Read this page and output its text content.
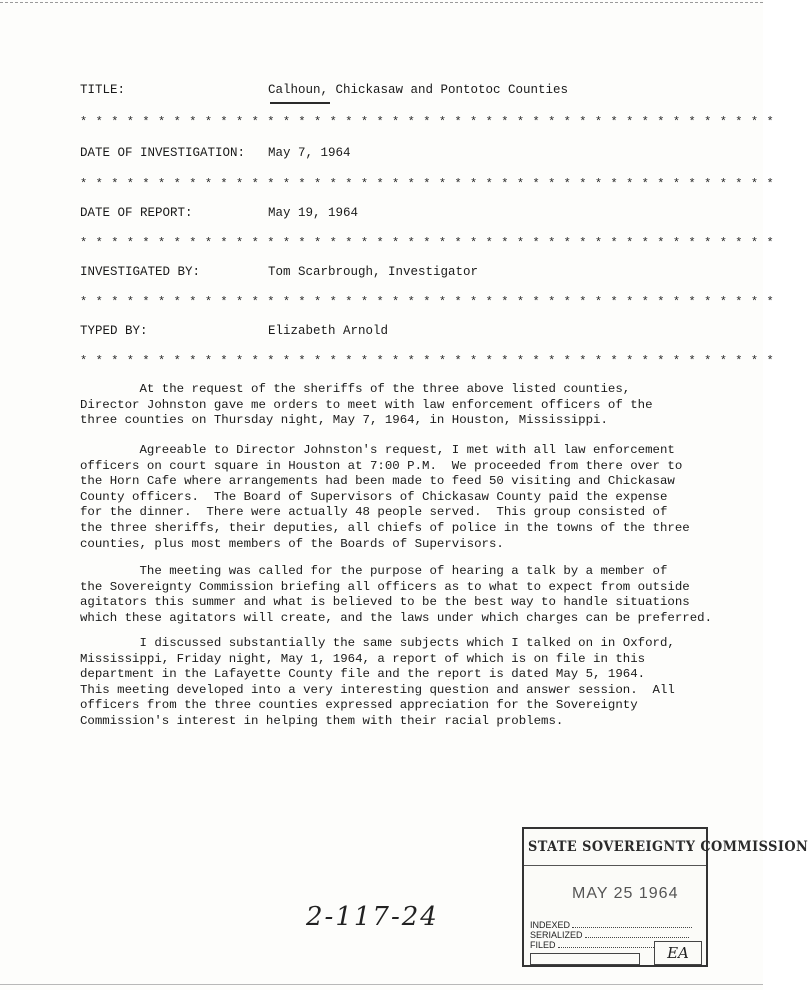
TITLE:

	Calhoun, Chickasaw and Pontotoc Counties

* * * * * * * * * * * * * * * * * * * * * * * * * * * * * * * * * * * * * * * * * * * * *

DATE OF INVESTIGATION:

May 7, 1964

* * * * * * * * * * * * * * * * * * * * * * * * * * * * * * * * * * * * * * * * * * * * *

DATE OF REPORT:

	May 19, 1964

* * * * * * * * * * * * * * * * * * * * * * * * * * * * * * * * * * * * * * * * * * * * *

INVESTIGATED BY:

	Tom Scarbrough, Investigator

* * * * * * * * * * * * * * * * * * * * * * * * * * * * * * * * * * * * * * * * * * * * *

TYPED BY:

	Elizabeth Arnold

* * * * * * * * * * * * * * * * * * * * * * * * * * * * * * * * * * * * * * * * * * * * *

At the request of the sheriffs of the three above listed counties,
Director Johnston gave me orders to meet with law enforcement officers of the
three counties on Thursday night, May 7, 1964, in Houston, Mississippi.

Agreeable to Director Johnston's request, I met with all law enforcement
officers on court square in Houston at 7:00 P.M.  We proceeded from there over to
the Horn Cafe where arrangements had been made to feed 50 visiting and Chickasaw
County officers.  The Board of Supervisors of Chickasaw County paid the expense
for the dinner.  There were actually 48 people served.  This group consisted of
the three sheriffs, their deputies, all chiefs of police in the towns of the three
counties, plus most members of the Boards of Supervisors.

The meeting was called for the purpose of hearing a talk by a member of
the Sovereignty Commission briefing all officers as to what to expect from outside
agitators this summer and what is believed to be the best way to handle situations
which these agitators will create, and the laws under which charges can be preferred.

I discussed substantially the same subjects which I talked on in Oxford,
Mississippi, Friday night, May 1, 1964, a report of which is on file in this
department in the Lafayette County file and the report is dated May 5, 1964.
This meeting developed into a very interesting question and answer session.  All
officers from the three counties expressed appreciation for the Sovereignty
Commission's interest in helping them with their racial problems.

2-117-24
STATE SOVEREIGNTY COMMISSION
MAY 25 1964
INDEXED
SERIALIZED
FILED	EA
